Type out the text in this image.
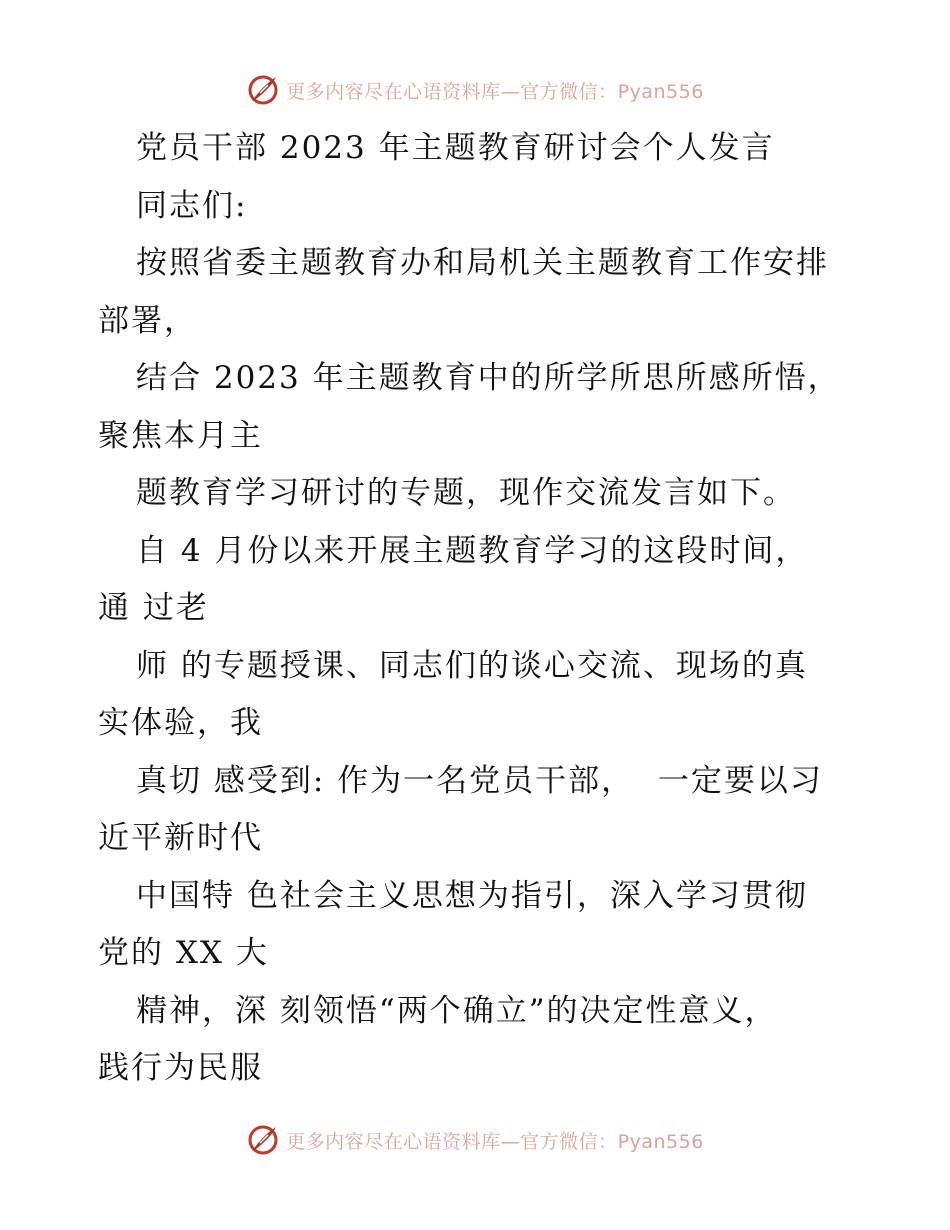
更多内容尽在心语资料库—官方微信：Pyan556
党员干部 2023 年主题教育研讨会个人发言
同志们:
按照省委主题教育办和局机关主题教育工作安排
部署，
结合 2023 年主题教育中的所学所思所感所悟，
聚焦本月主
题教育学习研讨的专题，现作交流发言如下。
自 4 月份以来开展主题教育学习的这段时间，
通 过老
师 的专题授课、同志们的谈心交流、现场的真
实体验，我
真切 感受到: 作为一名党员干部，  一定要以习
近平新时代
中国特 色社会主义思想为指引，深入学习贯彻
党的 XX 大
精神，深 刻领悟“两个确立”的决定性意义，
践行为民服
更多内容尽在心语资料库—官方微信：Pyan556
